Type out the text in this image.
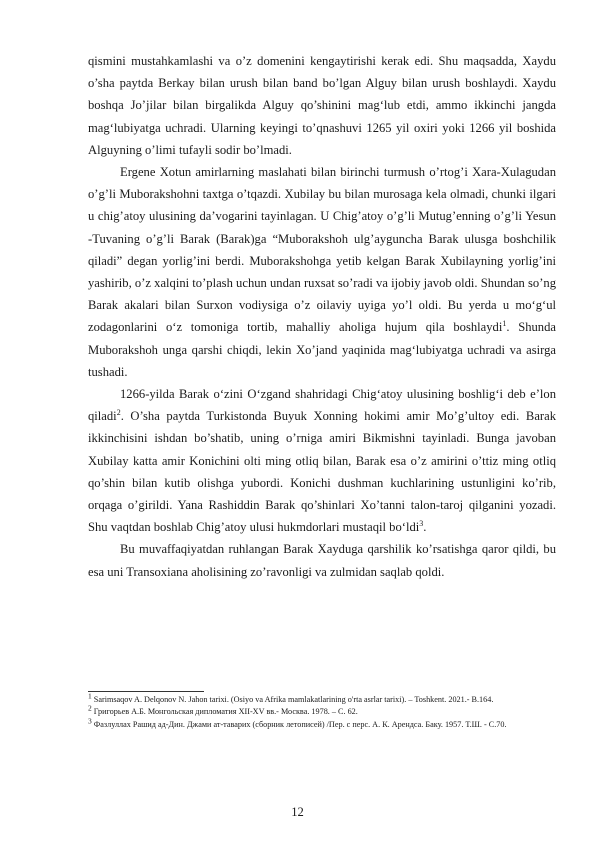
qismini mustahkamlashi va o’z domenini kengaytirishi kerak edi. Shu maqsadda, Xaydu o’sha paytda Berkay bilan urush bilan band bo’lgan Alguy bilan urush boshlaydi. Xaydu boshqa Jo’jilar bilan birgalikda Alguy qo’shinini mag‘lub etdi, ammo ikkinchi jangda mag‘lubiyatga uchradi. Ularning keyingi to’qnashuvi 1265 yil oxiri yoki 1266 yil boshida Alguyning o’limi tufayli sodir bo’lmadi.

Ergene Xotun amirlarning maslahati bilan birinchi turmush o’rtog’i Xara-Xulagudan o’g’li Muborakshohni taxtga o’tqazdi. Xubilay bu bilan murosaga kela olmadi, chunki ilgari u chig’atoy ulusining da’vogarini tayinlagan. U Chig’atoy o’g’li Mutug’enning o’g’li Yesun -Tuvaning o’g’li Barak (Barak)ga “Muborakshoh ulg’ayguncha Barak ulusga boshchilik qiladi” degan yorlig’ini berdi. Muborakshohga yetib kelgan Barak Xubilayning yorlig’ini yashirib, o’z xalqini to’plash uchun undan ruxsat so’radi va ijobiy javob oldi. Shundan so’ng Barak akalari bilan Surxon vodiysiga o’z oilaviy uyiga yo’l oldi. Bu yerda u mo‘g‘ul zodagonlarini o‘z tomoniga tortib, mahalliy aholiga hujum qila boshlaydi$^1$. Shunda Muborakshoh unga qarshi chiqdi, lekin Xo’jand yaqinida mag‘lubiyatga uchradi va asirga tushadi.

1266-yilda Barak o‘zini O‘zgand shahridagi Chig‘atoy ulusining boshlig‘i deb e’lon qiladi$^2$. O’sha paytda Turkistonda Buyuk Xonning hokimi amir Mo’g’ultoy edi. Barak ikkinchisini ishdan bo’shatib, uning o’rniga amiri Bikmishni tayinladi. Bunga javoban Xubilay katta amir Konichini olti ming otliq bilan, Barak esa o’z amirini o’ttiz ming otliq qo’shin bilan kutib olishga yubordi. Konichi dushman kuchlarining ustunligini ko’rib, orqaga o’girildi. Yana Rashiddin Barak qo’shinlari Xo’tanni talon-taroj qilganini yozadi. Shu vaqtdan boshlab Chig’atoy ulusi hukmdorlari mustaqil bo‘ldi$^3$.

Bu muvaffaqiyatdan ruhlangan Barak Xayduga qarshilik ko’rsatishga qaror qildi, bu esa uni Transoxiana aholisining zo’ravonligi va zulmidan saqlab qoldi.

1 Sarimsaqov A. Delqonov N. Jahon tarixi. (Osiyo va Afrika mamlakatlarining o'rta asrlar tarixi). – Toshkent. 2021.- B.164.

2 Григорьев А.Б. Монгольская дипломатия XII-XV вв.- Москва. 1978. – С. 62.

3 Фазлуллах Рашид ад-Дин. Джами ат-таварих (сборник летописей) /Пер. с перс. А. К. Арендса. Баку. 1957. Т.Ш. - С.70.

12
